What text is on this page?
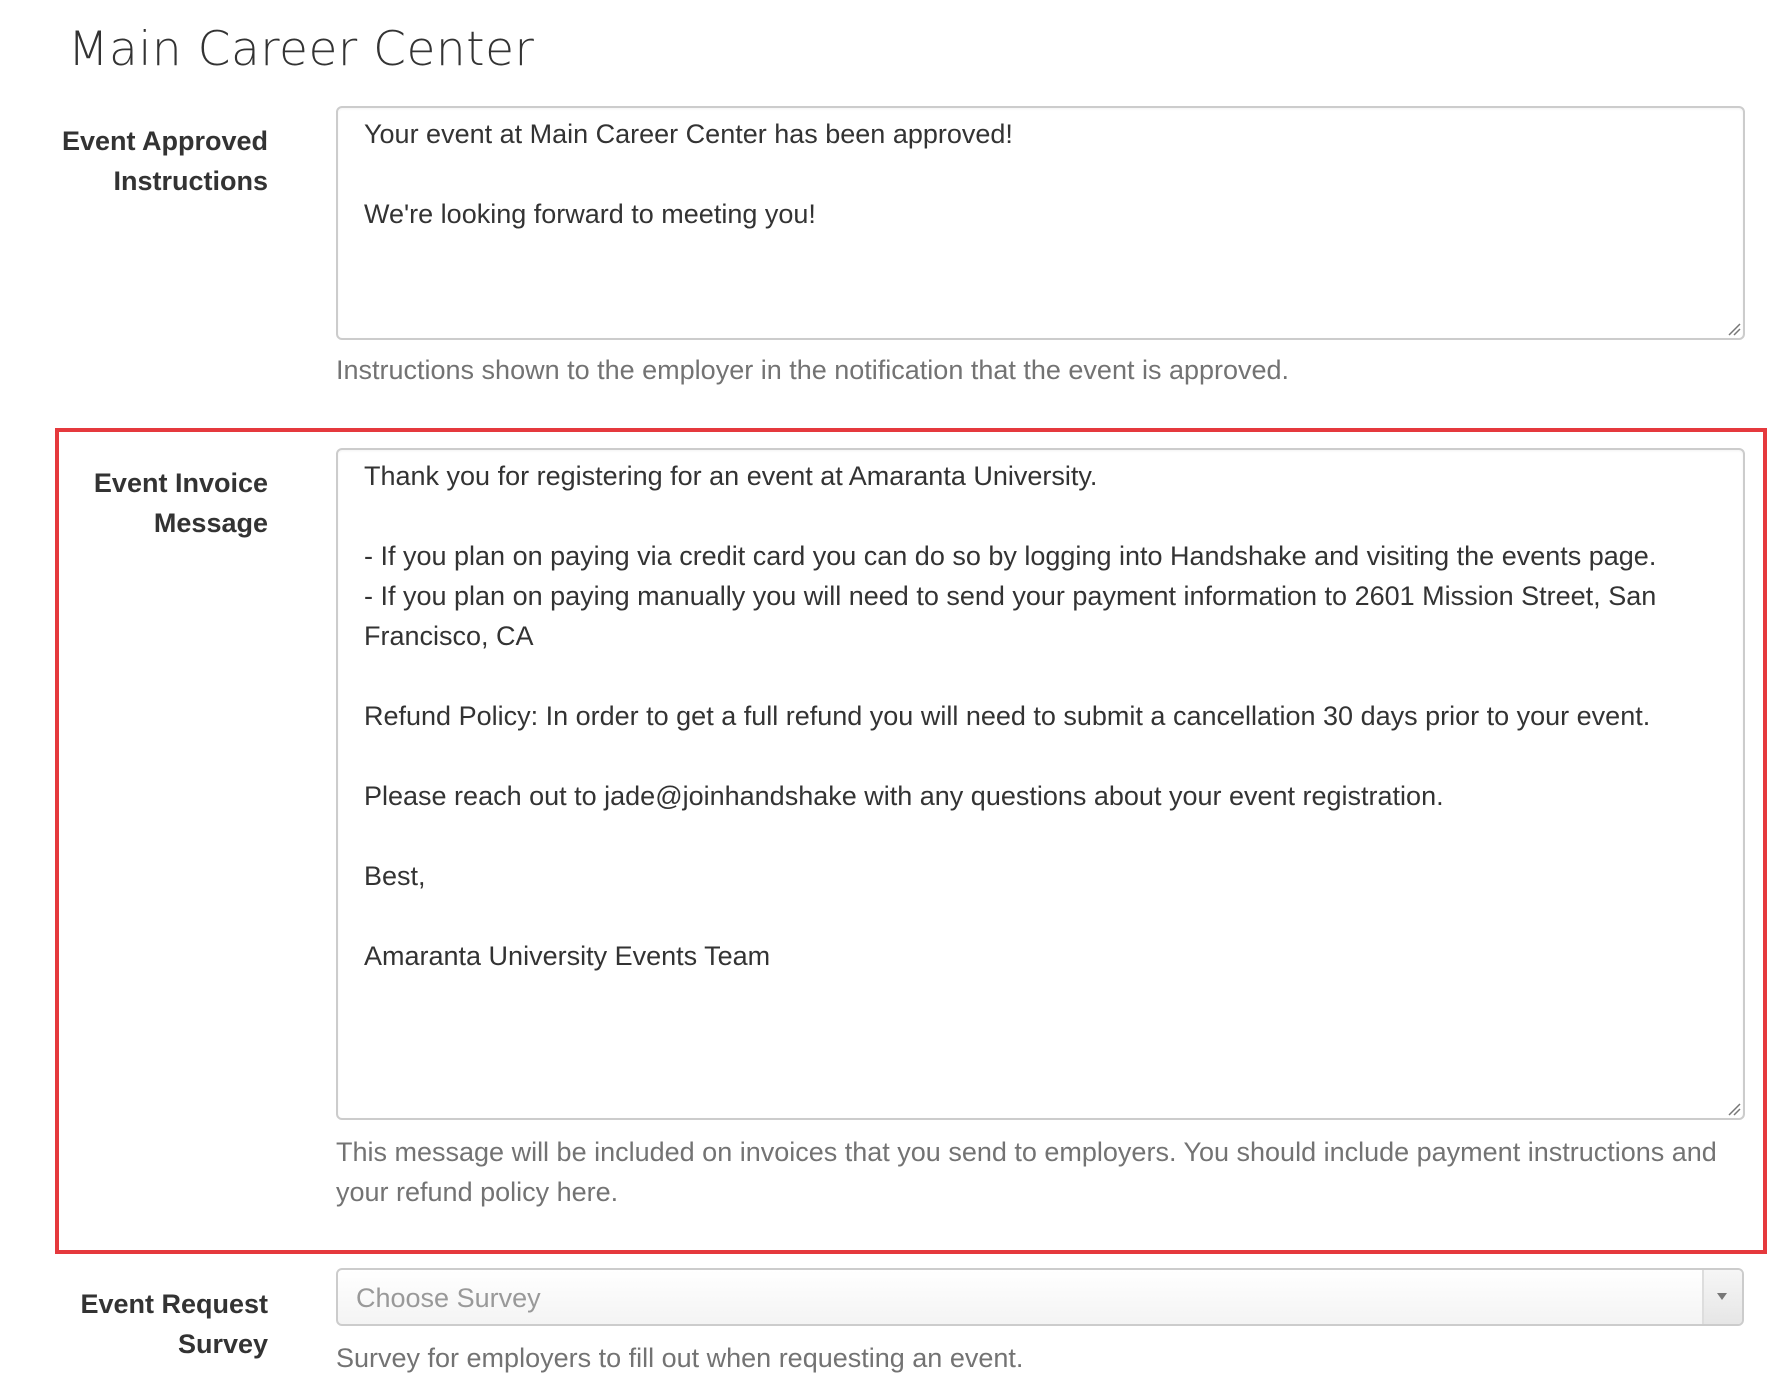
Main Career Center
Event Approved Instructions
Your event at Main Career Center has been approved!

We're looking forward to meeting you!
Instructions shown to the employer in the notification that the event is approved.
Event Invoice Message
Thank you for registering for an event at Amaranta University.

- If you plan on paying via credit card you can do so by logging into Handshake and visiting the events page.
- If you plan on paying manually you will need to send your payment information to 2601 Mission Street, San Francisco, CA

Refund Policy: In order to get a full refund you will need to submit a cancellation 30 days prior to your event.

Please reach out to jade@joinhandshake with any questions about your event registration.

Best,

Amaranta University Events Team
This message will be included on invoices that you send to employers. You should include payment instructions and your refund policy here.
Event Request Survey
Choose Survey
Survey for employers to fill out when requesting an event.
